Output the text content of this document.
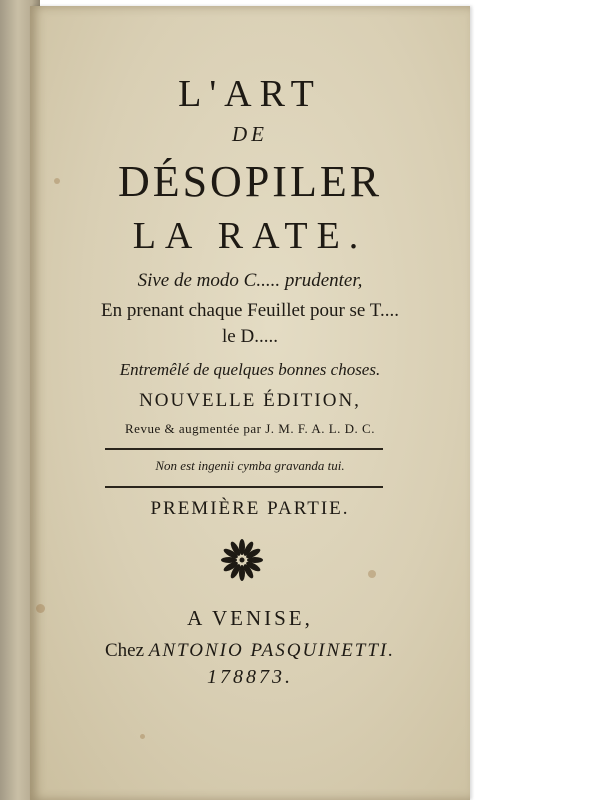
L'ART
DE
DÉSOPILER
LA RATE.
Sive de modo C..... prudenter,
En prenant chaque Feuillet pour se T....
le D.....
Entremêlé de quelques bonnes choses.
NOUVELLE ÉDITION,
Revue & augmentée par J. M. F. A. L. D. C.
Non est ingenii cymba gravanda tui.
PREMIÈRE PARTIE.
A VENISE,
Chez ANTONIO PASQUINETTI.
178873.
